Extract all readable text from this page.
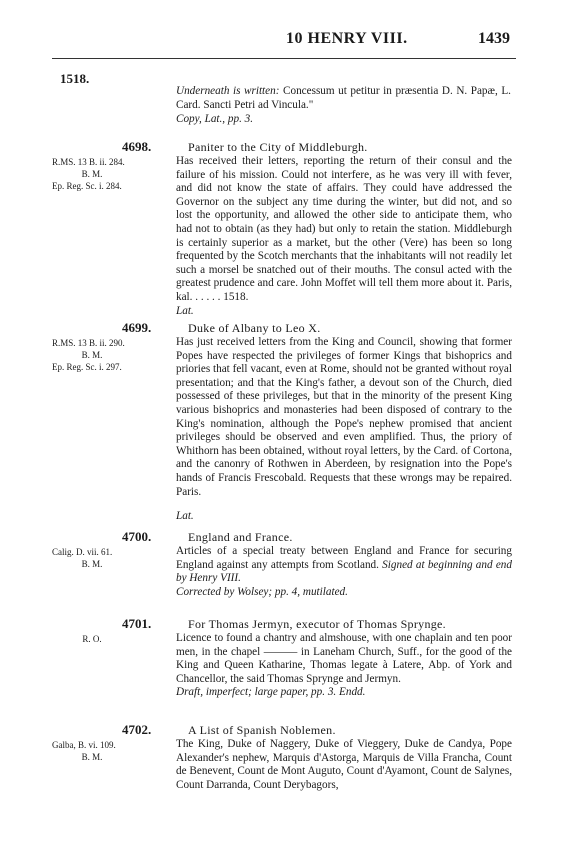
10 HENRY VIII.	1439
1518.
Underneath is written: Concessum ut petitur in præsentia D. N. Papæ, L. Card. Sancti Petri ad Vincula."
Copy, Lat., pp. 3.
4698.	Paniter to the City of Middleburgh.
R.MS. 13 B. ii. 284.
B. M.
Ep. Reg. Sc. i. 284.
Has received their letters, reporting the return of their consul and the failure of his mission. Could not interfere, as he was very ill with fever, and did not know the state of affairs. They could have addressed the Governor on the subject any time during the winter, but did not, and so lost the opportunity, and allowed the other side to anticipate them, who had not to obtain (as they had) but only to retain the station. Middleburgh is certainly superior as a market, but the other (Vere) has been so long frequented by the Scotch merchants that the inhabitants will not readily let such a morsel be snatched out of their mouths. The consul acted with the greatest prudence and care. John Moffet will tell them more about it. Paris, kal. . . . . . 1518.
Lat.
4699.	Duke of Albany to Leo X.
R.MS. 13 B. ii. 290.
B. M.
Ep. Reg. Sc. i. 297.
Has just received letters from the King and Council, showing that former Popes have respected the privileges of former Kings that bishoprics and priories that fell vacant, even at Rome, should not be granted without royal presentation; and that the King's father, a devout son of the Church, died possessed of these privileges, but that in the minority of the present King various bishoprics and monasteries had been disposed of contrary to the King's nomination, although the Pope's nephew promised that ancient privileges should be observed and even amplified. Thus, the priory of Whithorn has been obtained, without royal letters, by the Card. of Cortona, and the canonry of Rothwen in Aberdeen, by resignation into the Pope's hands of Francis Frescobald. Requests that these wrongs may be repaired. Paris.
Lat.
4700.	England and France.
Calig. D. vii. 61.
B. M.
Articles of a special treaty between England and France for securing England against any attempts from Scotland. Signed at beginning and end by Henry VIII.
Corrected by Wolsey; pp. 4, mutilated.
4701.	For Thomas Jermyn, executor of Thomas Sprynge.
R. O.	Licence to found a chantry and almshouse, with one chaplain and ten poor men, in the chapel ——— in Laneham Church, Suff., for the good of the King and Queen Katharine, Thomas legate à Latere, Abp. of York and Chancellor, the said Thomas Sprynge and Jermyn.
Draft, imperfect; large paper, pp. 3. Endd.
4702.	A List of Spanish Noblemen.
Galba, B. vi. 109.
B. M.
The King, Duke of Naggery, Duke of Vieggery, Duke de Candya, Pope Alexander's nephew, Marquis d'Astorga, Marquis de Villa Francha, Count de Benevent, Count de Mont Auguto, Count d'Ayamont, Count de Salynes, Count Darranda, Count Derybagors,
